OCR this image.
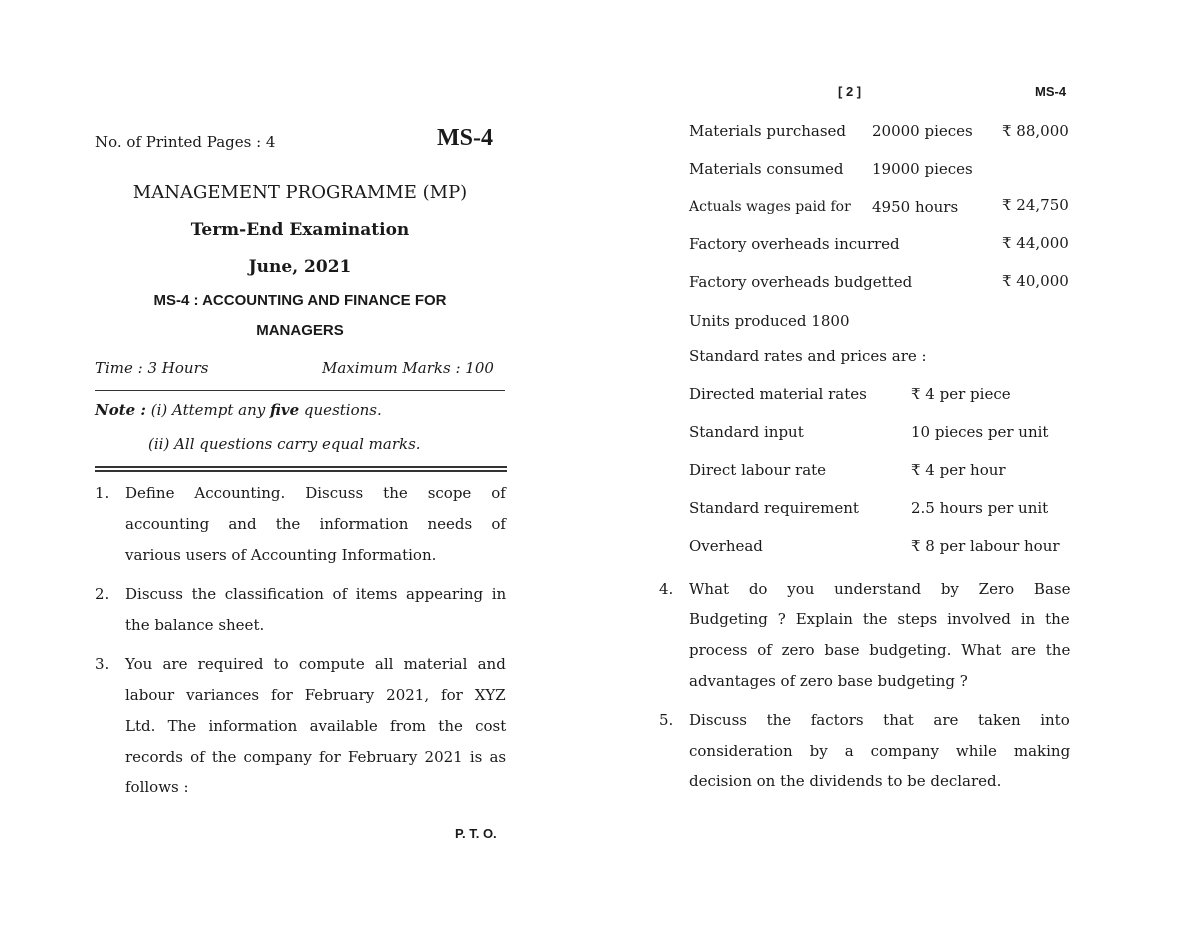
No. of Printed Pages : 4	MS-4
MANAGEMENT PROGRAMME (MP)
Term-End Examination
June, 2021
MS-4 : ACCOUNTING AND FINANCE FOR
MANAGERS
Time : 3 Hours	Maximum Marks : 100
Note : (i) Attempt any five questions.
(ii) All questions carry equal marks.
1. Define Accounting. Discuss the scope of
accounting and the information needs of
various users of Accounting Information.
2. Discuss the classification of items appearing in
the balance sheet.
3. You are required to compute all material and
labour variances for February 2021, for XYZ
Ltd. The information available from the cost
records of the company for February 2021 is as
follows :
P. T. O.
[ 2 ]	MS-4
Materials purchased 20000 pieces ₹ 88,000
Materials consumed 19000 pieces
Actuals wages paid for 4950 hours	₹ 24,750
Factory overheads incurred	₹ 44,000
Factory overheads budgetted	₹ 40,000
Units produced 1800
Standard rates and prices are :
Directed material rates	₹ 4 per piece
Standard input	10 pieces per unit
Direct labour rate	₹ 4 per hour
Standard requirement	2.5 hours per unit
Overhead	₹ 8 per labour hour
4. What do you understand by Zero Base
Budgeting ? Explain the steps involved in the
process of zero base budgeting. What are the
advantages of zero base budgeting ?
5. Discuss the factors that are taken into
consideration by a company while making
decision on the dividends to be declared.
